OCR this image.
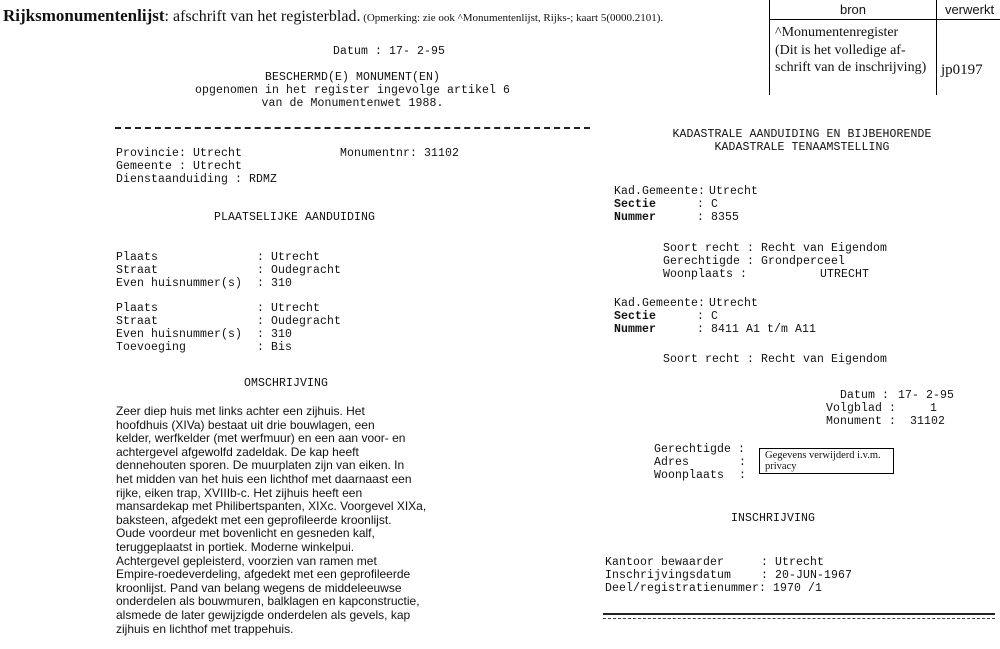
Rijksmonumentenlijst: afschrift van het registerblad. (Opmerking: zie ook ^Monumentenlijst, Rijks-; kaart 5(0000.2101).
bron	verwerkt
^Monumentenregister
(Dit is het volledige af-
schrift van de inschrijving) jp0197
Datum : 17- 2-95
BESCHERMD(E) MONUMENT(EN)
opgenomen in het register ingevolge artikel 6
van de Monumentenwet 1988.
Provincie: Utrecht	Monumentnr: 31102
Gemeente : Utrecht
Dienstaanduiding : RDMZ
PLAATSELIJKE AANDUIDING
Plaats
Straat
Even huisnummer(s)
: Utrecht
: Oudegracht
: 310
Plaats
Straat
Even huisnummer(s)
Toevoeging
: Utrecht
: Oudegracht
: 310
: Bis
OMSCHRIJVING
Zeer diep huis met links achter een zijhuis. Het
hoofdhuis (XIVa) bestaat uit drie bouwlagen, een
kelder, werfkelder (met werfmuur) en een aan voor- en
achtergevel afgewolfd zadeldak. De kap heeft
dennehouten sporen. De muurplaten zijn van eiken. In
het midden van het huis een lichthof met daarnaast een
rijke, eiken trap, XVIIIb-c. Het zijhuis heeft een
mansardekap met Philibertspanten, XIXc. Voorgevel XIXa,
baksteen, afgedekt met een geprofileerde kroonlijst.
Oude voordeur met bovenlicht en gesneden kalf,
teruggeplaatst in portiek. Moderne winkelpui.
Achtergevel gepleisterd, voorzien van ramen met
Empire-roedeverdeling, afgedekt met een geprofileerde
kroonlijst. Pand van belang wegens de middeleeuwse
onderdelen als bouwmuren, balklagen en kapconstructie,
alsmede de later gewijzigde onderdelen als gevels, kap
zijhuis en lichthof met trappehuis.
KADASTRALE AANDUIDING EN BIJBEHORENDE
KADASTRALE TENAAMSTELLING
Kad.Gemeente:
Sectie
Nummer
Utrecht
: C
: 8355
Soort recht :
Gerechtigde :
Woonplaats :
Recht van Eigendom
Grondperceel
UTRECHT
Kad.Gemeente:
Sectie
Nummer
Utrecht
: C
: 8411 A1 t/m A11
Soort recht : Recht van Eigendom
Datum :
Volgblad :
Monument :
17- 2-95
1
31102
Gerechtigde :
Adres
Woonplaats
:
:
Gegevens verwijderd i.v.m. privacy
INSCHRIJVING
Kantoor bewaarder
Inschrijvingsdatum
Deel/registratienummer:
: Utrecht
: 20-JUN-1967
1970 /1
